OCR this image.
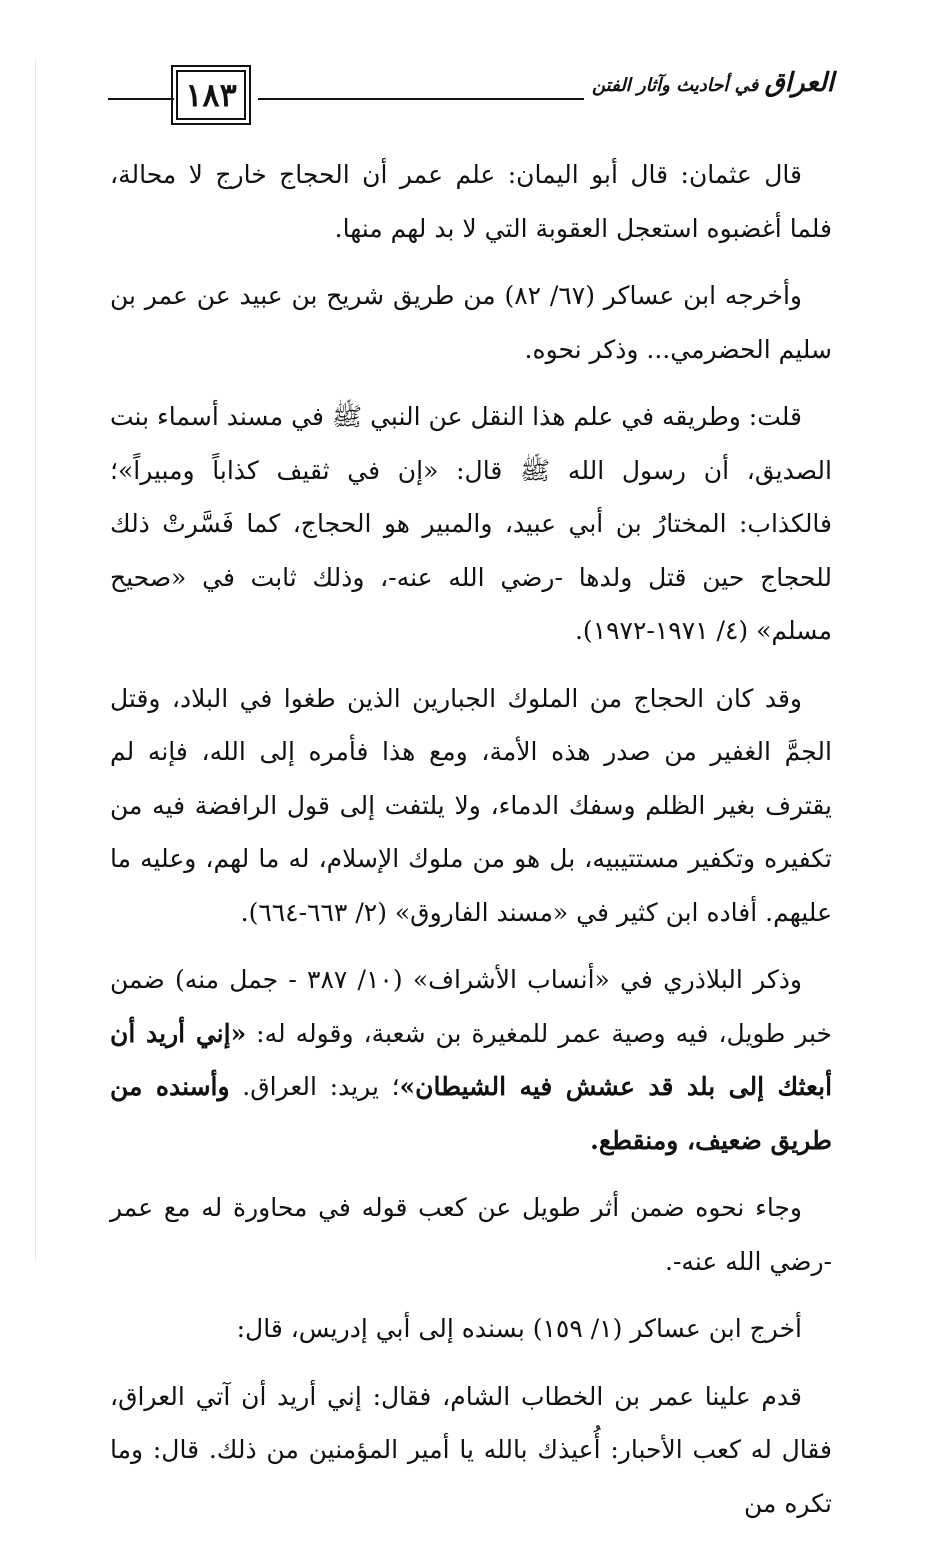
١٨٣	العراق في أحاديث وآثار الفتن

قال عثمان: قال أبو اليمان: علم عمر أن الحجاج خارج لا محالة، فلما أغضبوه استعجل العقوبة التي لا بد لهم منها.

وأخرجه ابن عساكر (٦٧/ ٨٢) من طريق شريح بن عبيد عن عمر بن سليم الحضرمي... وذكر نحوه.

قلت: وطريقه في علم هذا النقل عن النبي ﷺ في مسند أسماء بنت الصديق، أن رسول الله ﷺ قال: «إن في ثقيف كذاباً ومبيراً»؛ فالكذاب: المختارُ بن أبي عبيد، والمبير هو الحجاج، كما فَسَّرتْ ذلك للحجاج حين قتل ولدها -رضي الله عنه-، وذلك ثابت في «صحيح مسلم» (٤/ ١٩٧١-١٩٧٢).

وقد كان الحجاج من الملوك الجبارين الذين طغوا في البلاد، وقتل الجمَّ الغفير من صدر هذه الأمة، ومع هذا فأمره إلى الله، فإنه لم يقترف بغير الظلم وسفك الدماء، ولا يلتفت إلى قول الرافضة فيه من تكفيره وتكفير مستتيبيه، بل هو من ملوك الإسلام، له ما لهم، وعليه ما عليهم. أفاده ابن كثير في «مسند الفاروق» (٢/ ٦٦٣-٦٦٤).

وذكر البلاذري في «أنساب الأشراف» (١٠/ ٣٨٧ - جمل منه) ضمن خبر طويل، فيه وصية عمر للمغيرة بن شعبة، وقوله له: «إني أريد أن أبعثك إلى بلد قد عشش فيه الشيطان»؛ يريد: العراق. وأسنده من طريق ضعيف، ومنقطع.

وجاء نحوه ضمن أثر طويل عن كعب قوله في محاورة له مع عمر -رضي الله عنه-.

أخرج ابن عساكر (١/ ١٥٩) بسنده إلى أبي إدريس، قال:

قدم علينا عمر بن الخطاب الشام، فقال: إني أريد أن آتي العراق، فقال له كعب الأحبار: أُعيذك بالله يا أمير المؤمنين من ذلك. قال: وما تكره من
